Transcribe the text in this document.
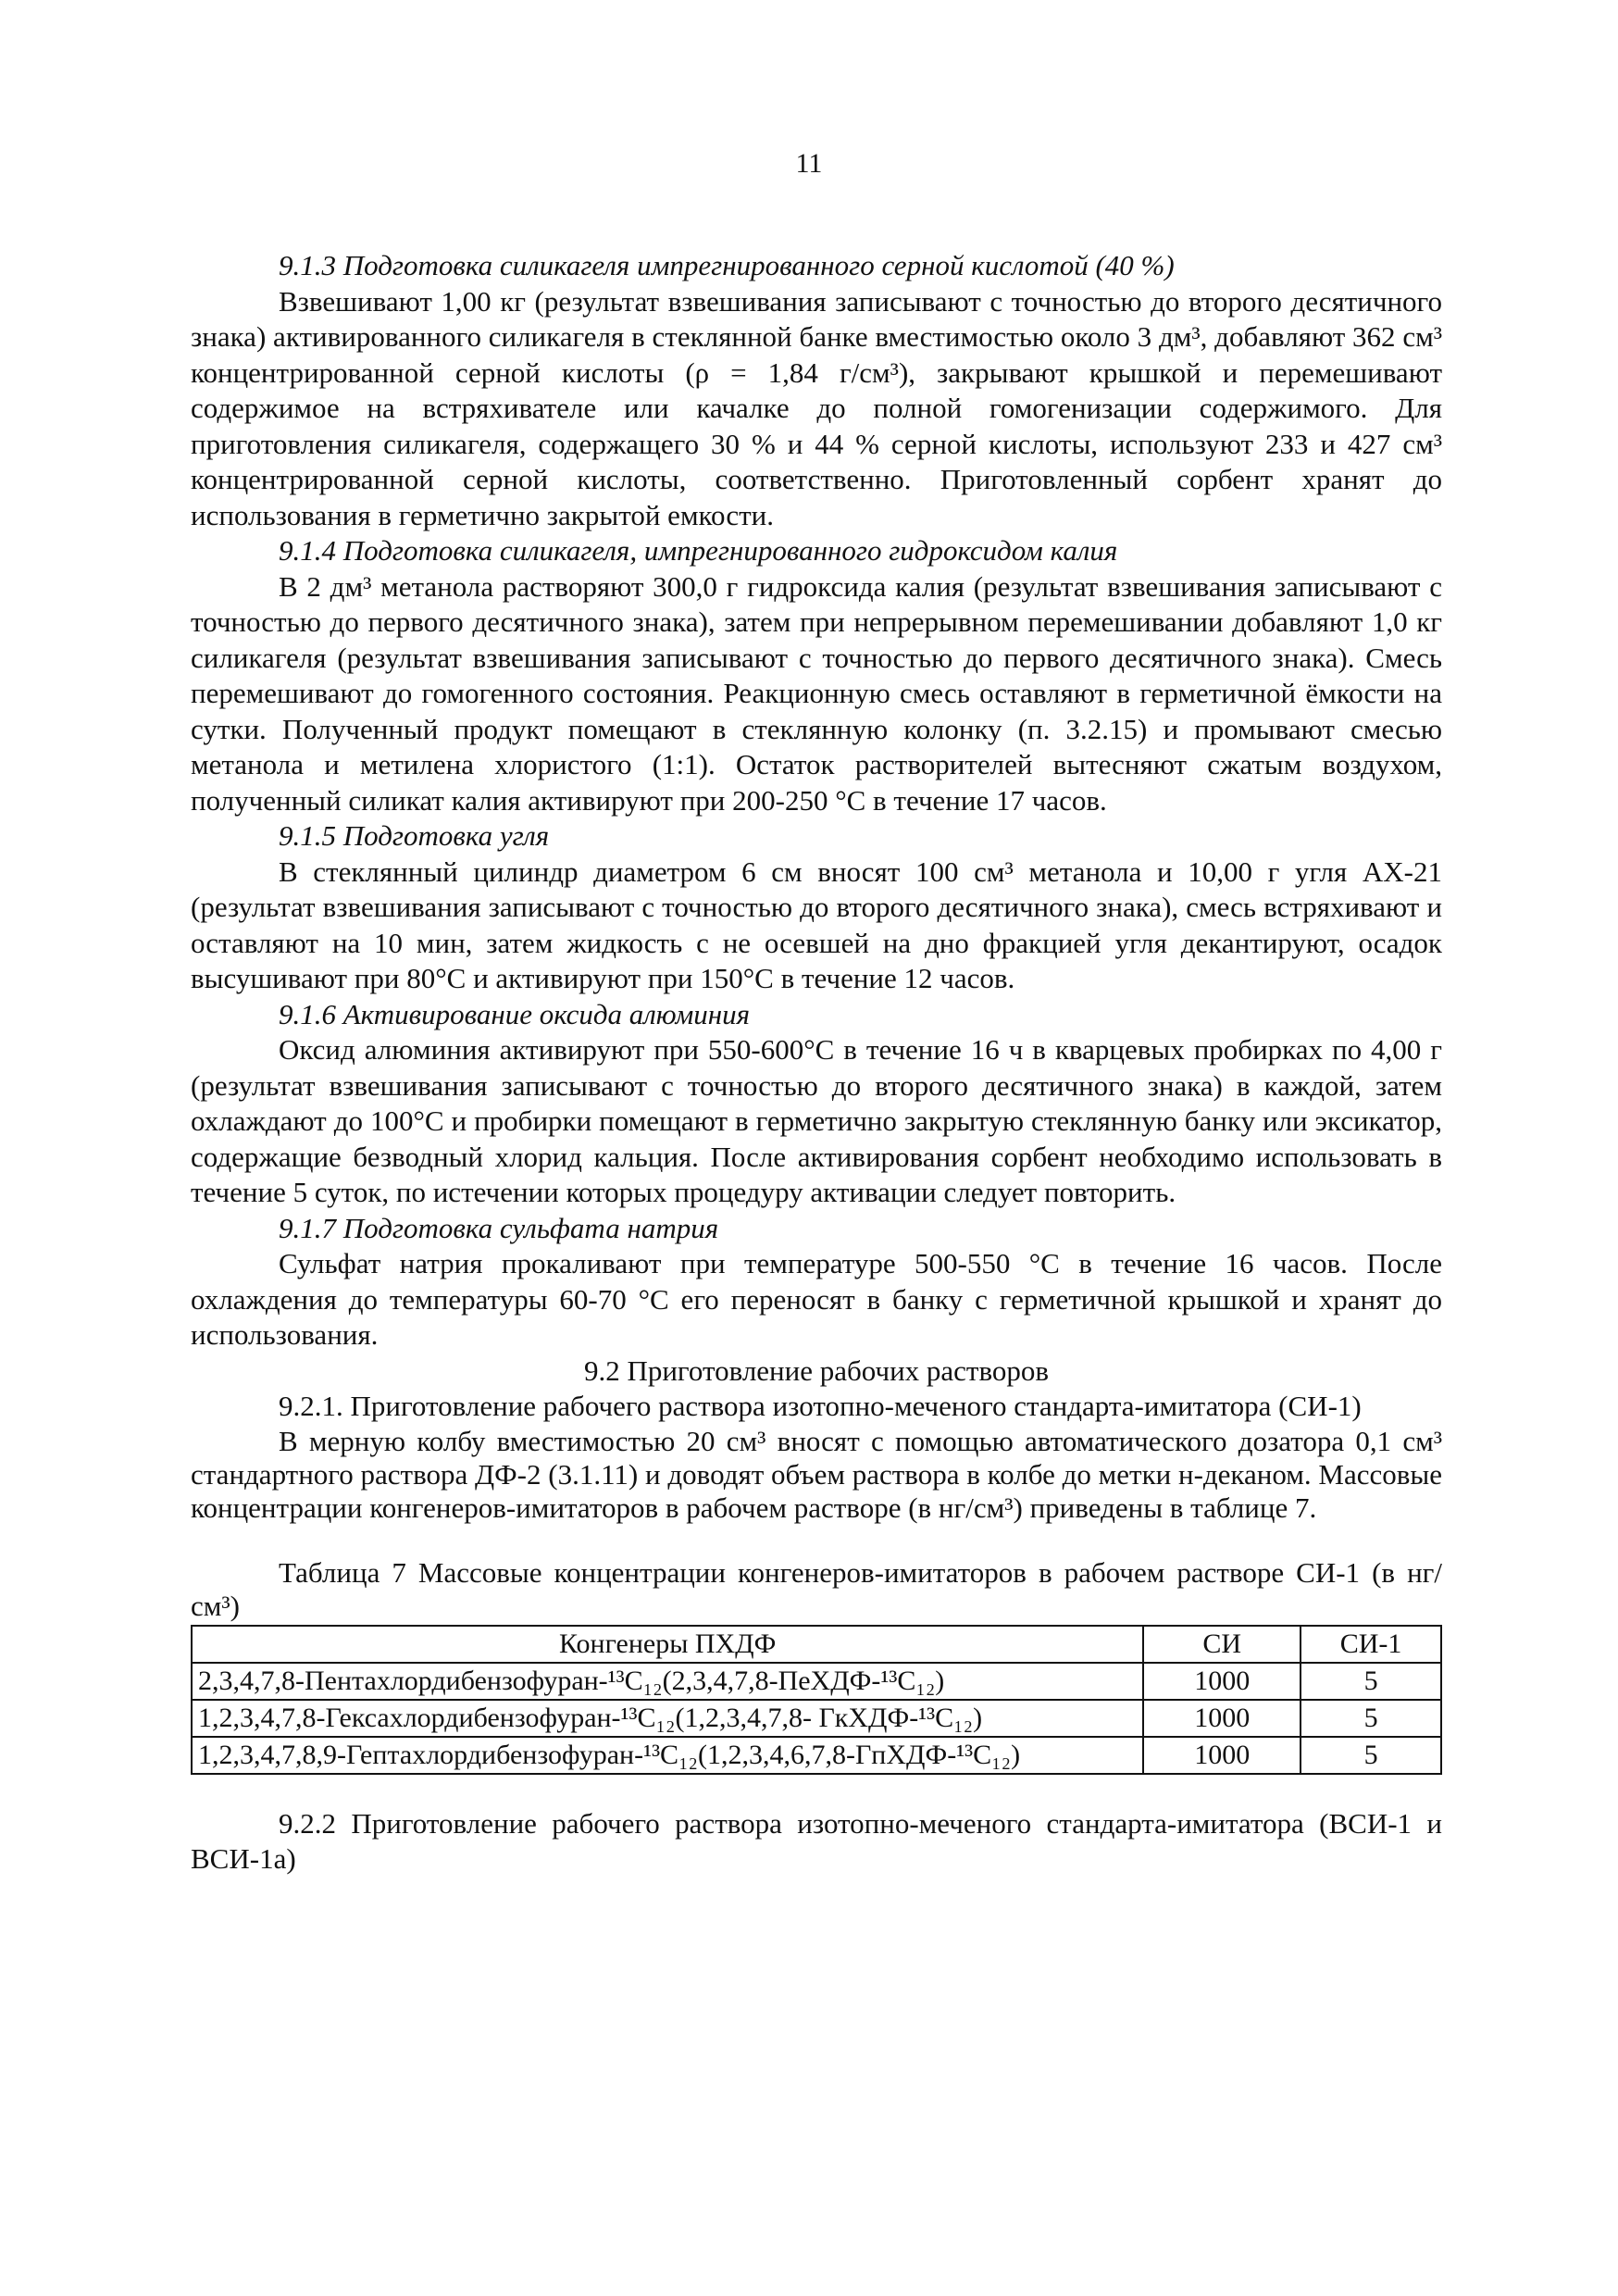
11

9.1.3 Подготовка силикагеля импрегнированного серной кислотой (40 %)

Взвешивают 1,00 кг (результат взвешивания записывают с точностью до второго десятичного знака) активированного силикагеля в стеклянной банке вместимостью около 3 дм³, добавляют 362 см³ концентрированной серной кислоты (ρ = 1,84 г/см³), закрывают крышкой и перемешивают содержимое на встряхивателе или качалке до полной гомогенизации содержимого. Для приготовления силикагеля, содержащего 30 % и 44 % серной кислоты, используют 233 и 427 см³ концентрированной серной кислоты, соответственно. Приготовленный сорбент хранят до использования в герметично закрытой емкости.

9.1.4 Подготовка силикагеля, импрегнированного гидроксидом калия

В 2 дм³ метанола растворяют 300,0 г гидроксида калия (результат взвешивания записывают с точностью до первого десятичного знака), затем при непрерывном перемешивании добавляют 1,0 кг силикагеля (результат взвешивания записывают с точностью до первого десятичного знака). Смесь перемешивают до гомогенного состояния. Реакционную смесь оставляют в герметичной ёмкости на сутки. Полученный продукт помещают в стеклянную колонку (п. 3.2.15) и промывают смесью метанола и метилена хлористого (1:1). Остаток растворителей вытесняют сжатым воздухом, полученный силикат калия активируют при 200-250 °С в течение 17 часов.

9.1.5 Подготовка угля

В стеклянный цилиндр диаметром 6 см вносят 100 см³ метанола и 10,00 г угля АХ-21 (результат взвешивания записывают с точностью до второго десятичного знака), смесь встряхивают и оставляют на 10 мин, затем жидкость с не осевшей на дно фракцией угля декантируют, осадок высушивают при 80°С и активируют при 150°С в течение 12 часов.

9.1.6 Активирование оксида алюминия

Оксид алюминия активируют при 550-600°С в течение 16 ч в кварцевых пробирках по 4,00 г (результат взвешивания записывают с точностью до второго десятичного знака) в каждой, затем охлаждают до 100°С и пробирки помещают в герметично закрытую стеклянную банку или эксикатор, содержащие безводный хлорид кальция. После активирования сорбент необходимо использовать в течение 5 суток, по истечении которых процедуру активации следует повторить.

9.1.7 Подготовка сульфата натрия

Сульфат натрия прокаливают при температуре 500-550 °С в течение 16 часов. После охлаждения до температуры 60-70 °С его переносят в банку с герметичной крышкой и хранят до использования.

9.2 Приготовление рабочих растворов

9.2.1. Приготовление рабочего раствора изотопно-меченого стандарта-имитатора (СИ-1)

В мерную колбу вместимостью 20 см³ вносят с помощью автоматического дозатора 0,1 см³ стандартного раствора ДФ-2 (3.1.11) и доводят объем раствора в колбе до метки н-деканом. Массовые концентрации конгенеров-имитаторов в рабочем растворе (в нг/см³) приведены в таблице 7.

Таблица 7 Массовые концентрации конгенеров-имитаторов в рабочем растворе СИ-1 (в нг/см³)

Конгенеры ПХДФ	СИ	СИ-1
2,3,4,7,8-Пентахлордибензофуран-¹³C₁₂(2,3,4,7,8-ПеХДФ-¹³C₁₂)	1000	5
1,2,3,4,7,8-Гексахлордибензофуран-¹³C₁₂(1,2,3,4,7,8- ГкХДФ-¹³C₁₂)	1000	5
1,2,3,4,7,8,9-Гептахлордибензофуран-¹³C₁₂(1,2,3,4,6,7,8-ГпХДФ-¹³C₁₂)	1000	5

9.2.2 Приготовление рабочего раствора изотопно-меченого стандарта-имитатора (ВСИ-1 и ВСИ-1а)
